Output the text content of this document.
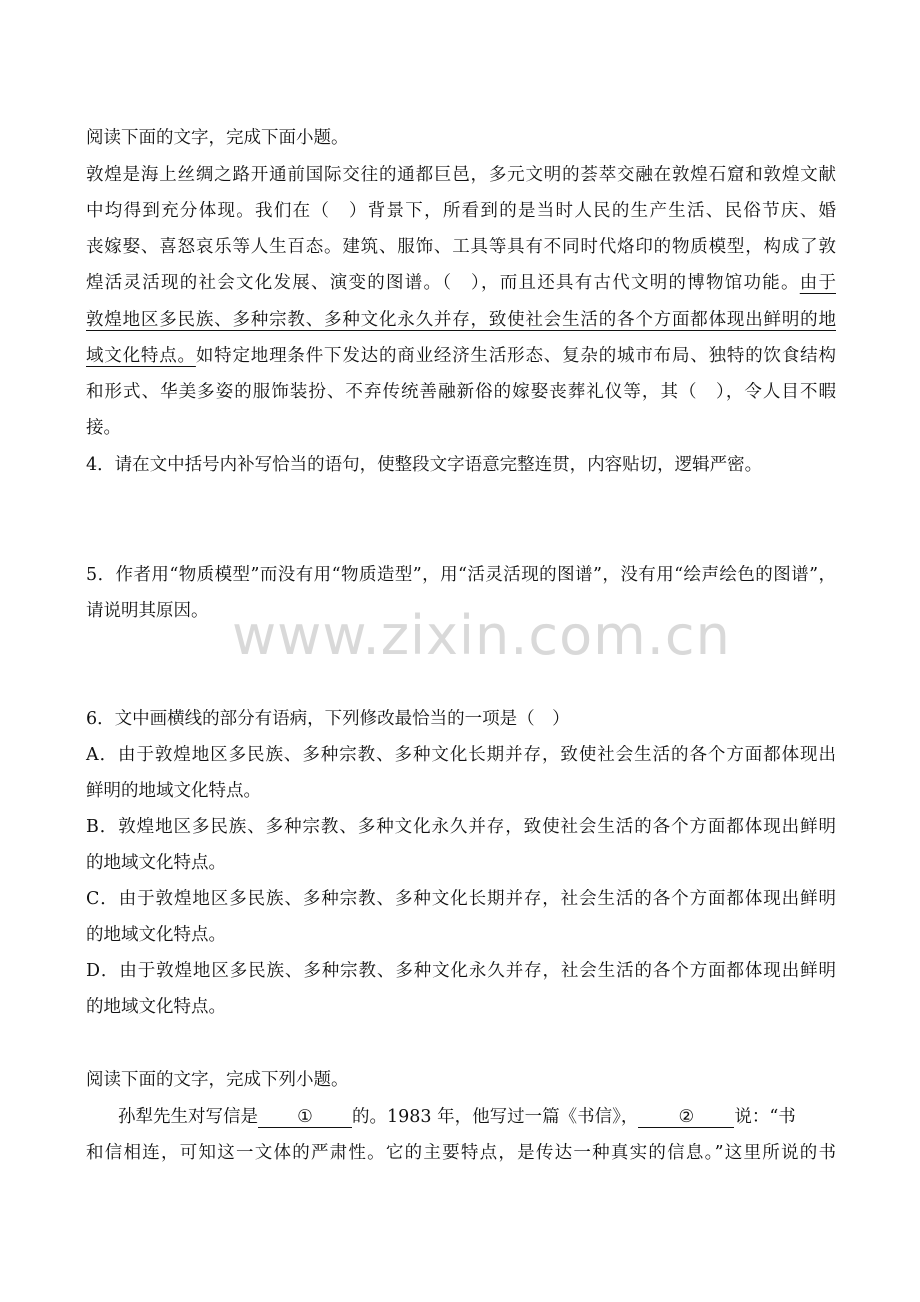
阅读下面的文字，完成下面小题。
敦煌是海上丝绸之路开通前国际交往的通都巨邑，多元文明的荟萃交融在敦煌石窟和敦煌文献
中均得到充分体现。我们在（　）背景下，所看到的是当时人民的生产生活、民俗节庆、婚
丧嫁娶、喜怒哀乐等人生百态。建筑、服饰、工具等具有不同时代烙印的物质模型，构成了敦
煌活灵活现的社会文化发展、演变的图谱。（　），而且还具有古代文明的博物馆功能。由于
敦煌地区多民族、多种宗教、多种文化永久并存，致使社会生活的各个方面都体现出鲜明的地
域文化特点。如特定地理条件下发达的商业经济生活形态、复杂的城市布局、独特的饮食结构
和形式、华美多姿的服饰装扮、不弃传统善融新俗的嫁娶丧葬礼仪等，其（　），令人目不暇
接。
4．请在文中括号内补写恰当的语句，使整段文字语意完整连贯，内容贴切，逻辑严密。
5．作者用“物质模型”而没有用“物质造型”，用“活灵活现的图谱”，没有用“绘声绘色的图谱”，
请说明其原因。 www.zixin.com.cn
6．文中画横线的部分有语病，下列修改最恰当的一项是（　）
A．由于敦煌地区多民族、多种宗教、多种文化长期并存，致使社会生活的各个方面都体现出
鲜明的地域文化特点。
B．敦煌地区多民族、多种宗教、多种文化永久并存，致使社会生活的各个方面都体现出鲜明
的地域文化特点。
C．由于敦煌地区多民族、多种宗教、多种文化长期并存，社会生活的各个方面都体现出鲜明
的地域文化特点。
D．由于敦煌地区多民族、多种宗教、多种文化永久并存，社会生活的各个方面都体现出鲜明
的地域文化特点。
阅读下面的文字，完成下列小题。
孙犁先生对写信是 ① 的。1983 年，他写过一篇《书信》， ② 说：“书
和信相连，可知这一文体的严肃性。它的主要特点，是传达一种真实的信息。”这里所说的书
